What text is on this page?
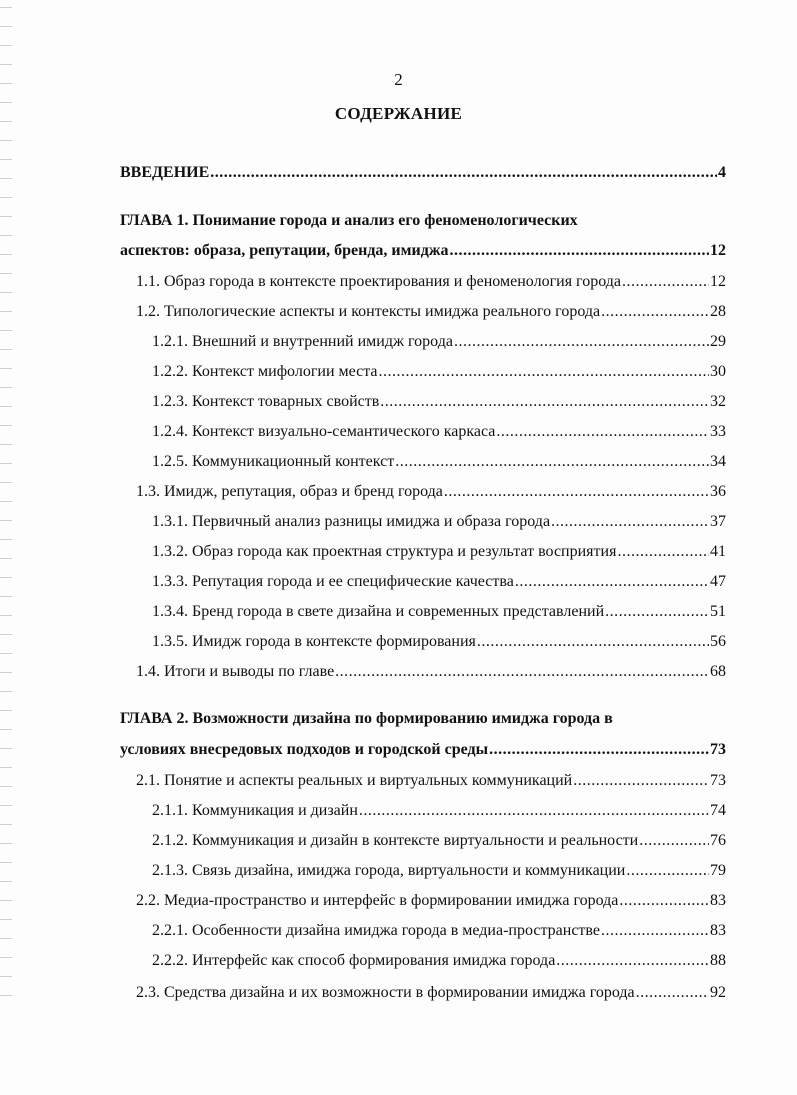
2
СОДЕРЖАНИЕ
ВВЕДЕНИЕ .....	4
ГЛАВА 1. Понимание города и анализ его феноменологических
аспектов: образа, репутации, бренда, имиджа .....	12
1.1. Образ города в контексте проектирования и феноменология города .....	12
1.2. Типологические аспекты и контексты имиджа реального города .....	28
1.2.1. Внешний и внутренний имидж города .....	29
1.2.2. Контекст мифологии места .....	30
1.2.3. Контекст товарных свойств .....	32
1.2.4. Контекст визуально-семантического каркаса .....	33
1.2.5. Коммуникационный контекст .....	34
1.3. Имидж, репутация, образ и бренд города .....	36
1.3.1. Первичный анализ разницы имиджа и образа города .....	37
1.3.2. Образ города как проектная структура и результат восприятия .....	41
1.3.3. Репутация города и ее специфические качества .....	47
1.3.4. Бренд города в свете дизайна и современных представлений .....	51
1.3.5. Имидж города в контексте формирования .....	56
1.4. Итоги и выводы по главе .....	68
ГЛАВА 2. Возможности дизайна по формированию имиджа города в
условиях внесредовых подходов и городской среды .....	73
2.1. Понятие и аспекты реальных и виртуальных коммуникаций .....	73
2.1.1. Коммуникация и дизайн .....	74
2.1.2. Коммуникация и дизайн в контексте виртуальности и реальности .....	76
2.1.3. Связь дизайна, имиджа города, виртуальности и коммуникации .....	79
2.2. Медиа-пространство и интерфейс в формировании имиджа города .....	83
2.2.1. Особенности дизайна имиджа города в медиа-пространстве .....	83
2.2.2. Интерфейс как способ формирования имиджа города .....	88
2.3. Средства дизайна и их возможности в формировании имиджа города .....	92
